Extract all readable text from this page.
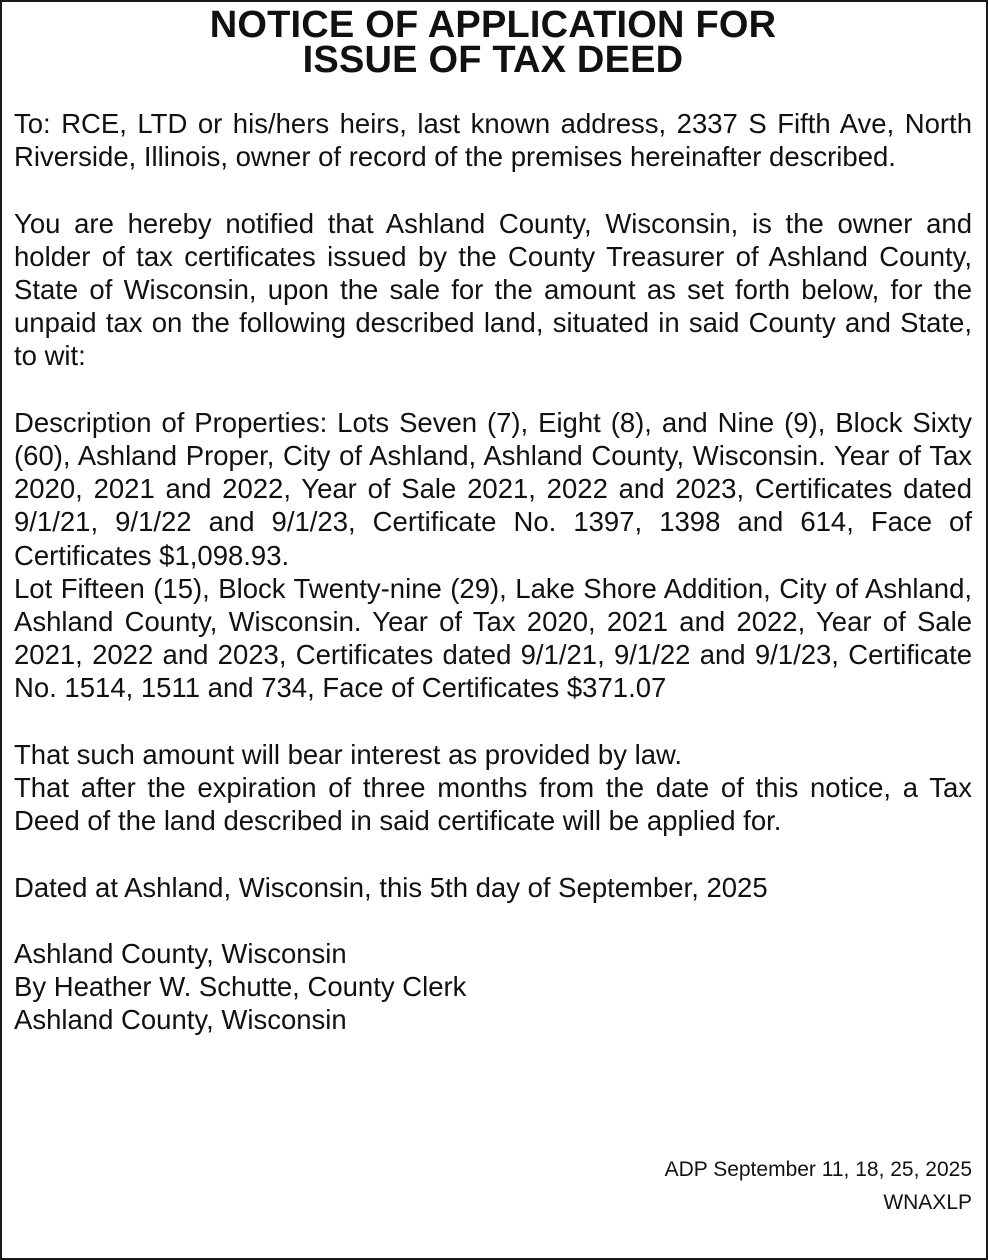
NOTICE OF APPLICATION FOR
ISSUE OF TAX DEED

To: RCE, LTD or his/hers heirs, last known address, 2337 S Fifth Ave, North Riverside, Illinois, owner of record of the premises hereinafter described.

You are hereby notified that Ashland County, Wisconsin, is the owner and holder of tax certificates issued by the County Treasurer of Ashland County, State of Wisconsin, upon the sale for the amount as set forth below, for the unpaid tax on the following described land, situated in said County and State, to wit:

Description of Properties: Lots Seven (7), Eight (8), and Nine (9), Block Sixty (60), Ashland Proper, City of Ashland, Ashland County, Wisconsin. Year of Tax 2020, 2021 and 2022, Year of Sale 2021, 2022 and 2023, Certificates dated 9/1/21, 9/1/22 and 9/1/23, Certificate No. 1397, 1398 and 614, Face of Certificates $1,098.93.

Lot Fifteen (15), Block Twenty-nine (29), Lake Shore Addition, City of Ashland, Ashland County, Wisconsin. Year of Tax 2020, 2021 and 2022, Year of Sale 2021, 2022 and 2023, Certificates dated 9/1/21, 9/1/22 and 9/1/23, Certificate No. 1514, 1511 and 734, Face of Certificates $371.07

That such amount will bear interest as provided by law.

That after the expiration of three months from the date of this notice, a Tax Deed of the land described in said certificate will be applied for.

Dated at Ashland, Wisconsin, this 5th day of September, 2025

Ashland County, Wisconsin
By Heather W. Schutte, County Clerk
Ashland County, Wisconsin
ADP September 11, 18, 25, 2025
WNAXLP
